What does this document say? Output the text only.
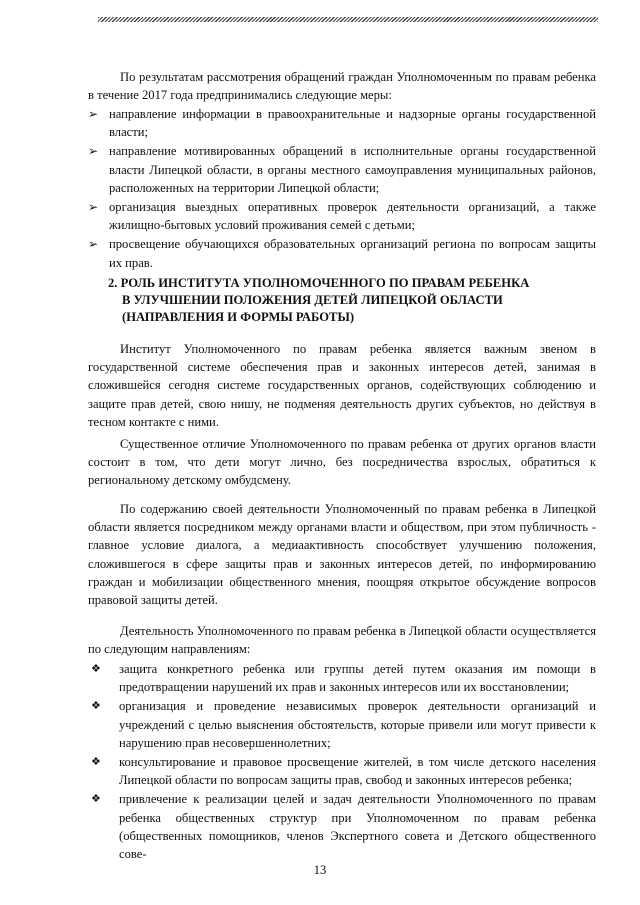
По результатам рассмотрения обращений граждан Уполномоченным по правам ребенка в течение 2017 года предпринимались следующие меры:

➢ направление информации в правоохранительные и надзорные органы государственной власти;
➢ направление мотивированных обращений в исполнительные органы государственной власти Липецкой области, в органы местного самоуправления муниципальных районов, расположенных на территории Липецкой области;
➢ организация выездных оперативных проверок деятельности организаций, а также жилищно-бытовых условий проживания семей с детьми;
➢ просвещение обучающихся образовательных организаций региона по вопросам защиты их прав.
2. РОЛЬ ИНСТИТУТА УПОЛНОМОЧЕННОГО ПО ПРАВАМ РЕБЕНКА
В УЛУЧШЕНИИ ПОЛОЖЕНИЯ ДЕТЕЙ ЛИПЕЦКОЙ ОБЛАСТИ
(НАПРАВЛЕНИЯ И ФОРМЫ РАБОТЫ)

Институт Уполномоченного по правам ребенка является важным звеном в государственной системе обеспечения прав и законных интересов детей, занимая в сложившейся сегодня системе государственных органов, содействующих соблюдению и защите прав детей, свою нишу, не подменяя деятельность других субъектов, но действуя в тесном контакте с ними.

Существенное отличие Уполномоченного по правам ребенка от других органов власти состоит в том, что дети могут лично, без посредничества взрослых, обратиться к региональному детскому омбудсмену.

По содержанию своей деятельности Уполномоченный по правам ребенка в Липецкой области является посредником между органами власти и обществом, при этом публичность - главное условие диалога, а медиаактивность способствует улучшению положения, сложившегося в сфере защиты прав и законных интересов детей, по информированию граждан и мобилизации общественного мнения, поощряя открытое обсуждение вопросов правовой защиты детей.

Деятельность Уполномоченного по правам ребенка в Липецкой области осуществляется по следующим направлениям:

❖ защита конкретного ребенка или группы детей путем оказания им помощи в предотвращении нарушений их прав и законных интересов или их восстановлении;
❖ организация и проведение независимых проверок деятельности организаций и учреждений с целью выяснения обстоятельств, которые привели или могут привести к нарушению прав несовершеннолетних;
❖ консультирование и правовое просвещение жителей, в том числе детского населения Липецкой области по вопросам защиты прав, свобод и законных интересов ребенка;
❖ привлечение к реализации целей и задач деятельности Уполномоченного по правам ребенка общественных структур при Уполномоченном по правам ребенка (общественных помощников, членов Экспертного совета и Детского общественного сове-
13
